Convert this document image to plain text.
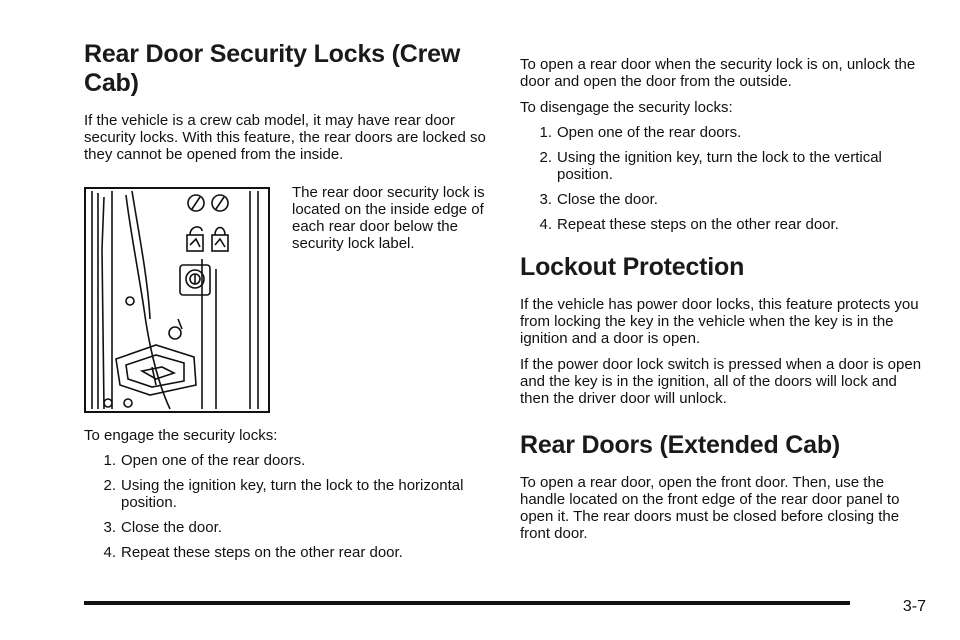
Rear Door Security Locks (Crew Cab)

If the vehicle is a crew cab model, it may have rear door security locks. With this feature, the rear doors are locked so they cannot be opened from the inside.

The rear door security lock is located on the inside edge of each rear door below the security lock label.

To engage the security locks:

1. Open one of the rear doors.
2. Using the ignition key, turn the lock to the horizontal position.
3. Close the door.
4. Repeat these steps on the other rear door.

To open a rear door when the security lock is on, unlock the door and open the door from the outside.

To disengage the security locks:

1. Open one of the rear doors.
2. Using the ignition key, turn the lock to the vertical position.
3. Close the door.
4. Repeat these steps on the other rear door.
Lockout Protection

If the vehicle has power door locks, this feature protects you from locking the key in the vehicle when the key is in the ignition and a door is open.

If the power door lock switch is pressed when a door is open and the key is in the ignition, all of the doors will lock and then the driver door will unlock.

Rear Doors (Extended Cab)

To open a rear door, open the front door. Then, use the handle located on the front edge of the rear door panel to open it. The rear doors must be closed before closing the front door.

3-7
